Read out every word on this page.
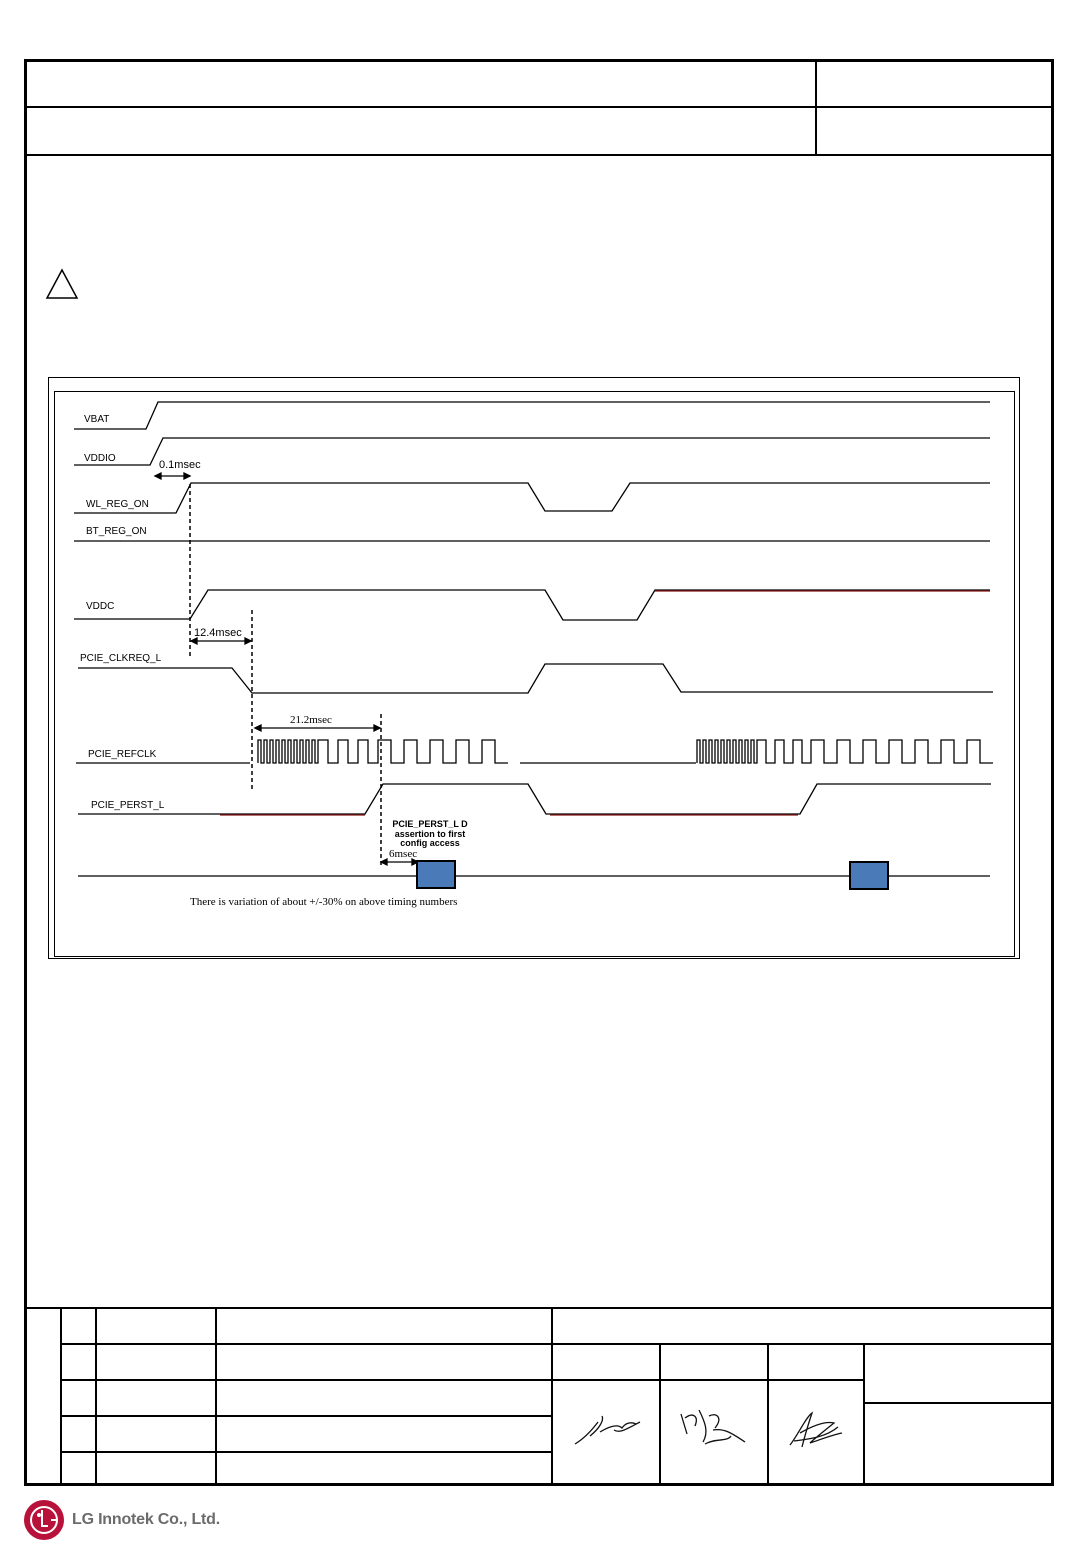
VBAT
VDDIO
WL_REG_ON
BT_REG_ON
VDDC
PCIE_CLKREQ_L
PCIE_REFCLK
PCIE_PERST_L
0.1msec
12.4msec
21.2msec
6msec
PCIE_PERST_L D
assertion to first
config access
There is variation of about +/-30% on above timing numbers
LG Innotek Co., Ltd.
